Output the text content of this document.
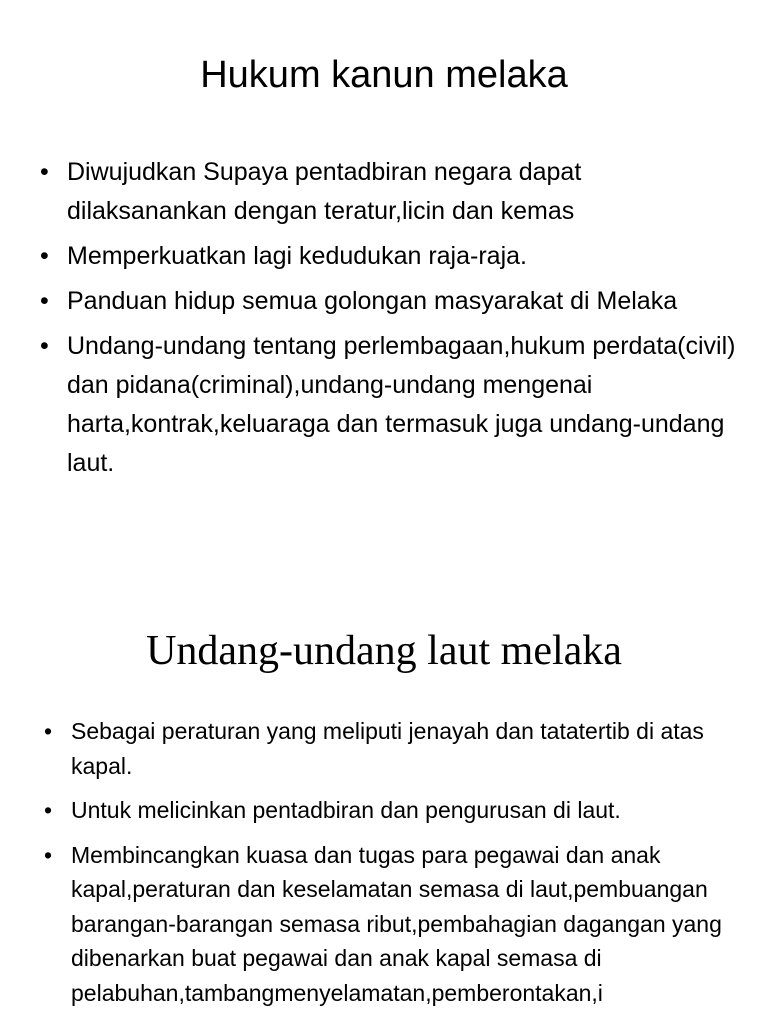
Hukum kanun melaka
• Diwujudkan Supaya pentadbiran negara dapat dilaksanankan dengan teratur,licin dan kemas
• Memperkuatkan lagi kedudukan raja-raja.
• Panduan hidup semua golongan masyarakat di Melaka
• Undang-undang tentang perlembagaan,hukum perdata(civil) dan pidana(criminal),undang-undang mengenai harta,kontrak,keluaraga dan termasuk juga undang-undang laut.
Undang-undang laut melaka
• Sebagai peraturan yang meliputi jenayah dan tatatertib di atas kapal.
• Untuk melicinkan pentadbiran dan pengurusan di laut.
• Membincangkan kuasa dan tugas para pegawai dan anak kapal,peraturan dan keselamatan semasa di laut,pembuangan barangan-barangan semasa ribut,pembahagian dagangan yang dibenarkan buat pegawai dan anak kapal semasa di pelabuhan,tambangmenyelamatan,pemberontakan,i
